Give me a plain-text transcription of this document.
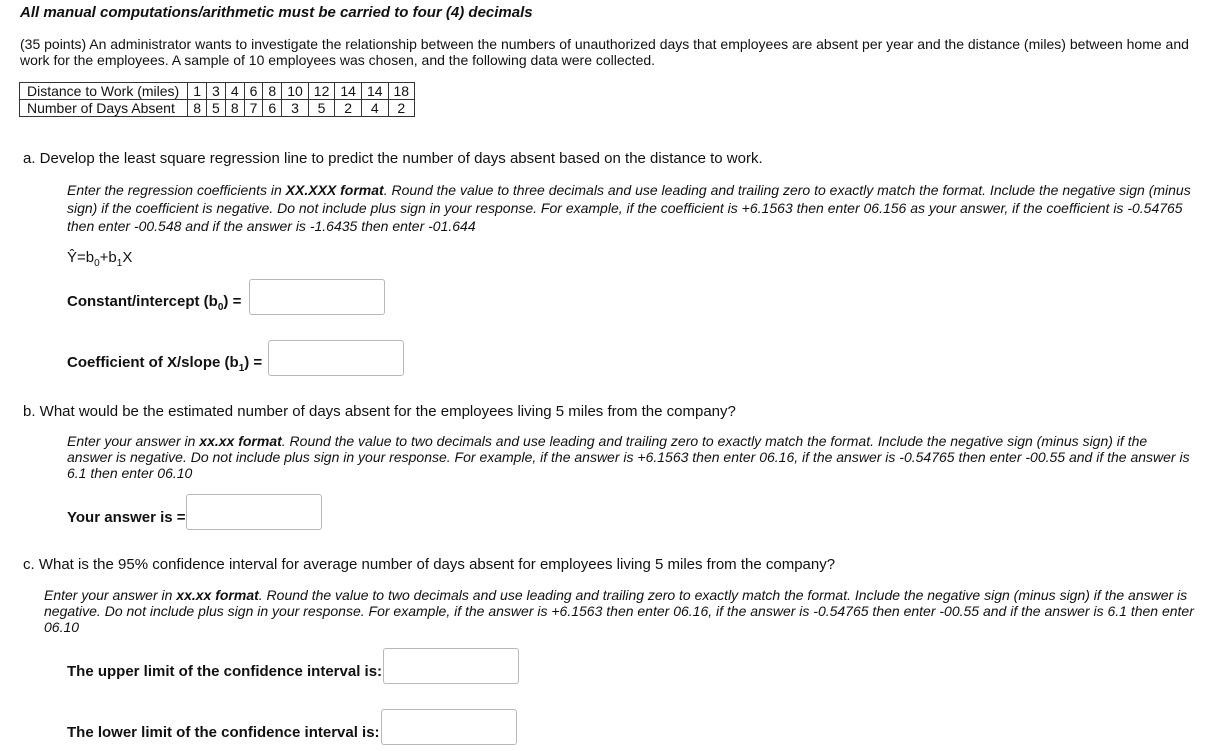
All manual computations/arithmetic must be carried to four (4) decimals
(35 points) An administrator wants to investigate the relationship between the numbers of unauthorized days that employees are absent per year and the distance (miles) between home and work for the employees. A sample of 10 employees was chosen, and the following data were collected.
Distance to Work (miles)	1	3	4	6	8	10	12	14	14	18
Number of Days Absent	8	5	8	7	6	3	5	2	4	2
a. Develop the least square regression line to predict the number of days absent based on the distance to work.
Enter the regression coefficients in XX.XXX format. Round the value to three decimals and use leading and trailing zero to exactly match the format. Include the negative sign (minus sign) if the coefficient is negative. Do not include plus sign in your response. For example, if the coefficient is +6.1563 then enter 06.156 as your answer, if the coefficient is -0.54765 then enter -00.548 and if the answer is -1.6435 then enter -01.644
$Ŷ=b_0+b_1X$
Constant/intercept $(b_0)$ =
Coefficient of X/slope $(b_1)$ =
b. What would be the estimated number of days absent for the employees living 5 miles from the company?
Enter your answer in xx.xx format. Round the value to two decimals and use leading and trailing zero to exactly match the format. Include the negative sign (minus sign) if the answer is negative. Do not include plus sign in your response. For example, if the answer is +6.1563 then enter 06.16, if the answer is -0.54765 then enter -00.55 and if the answer is 6.1 then enter 06.10
Your answer is =
c. What is the 95% confidence interval for average number of days absent for employees living 5 miles from the company?
Enter your answer in xx.xx format. Round the value to two decimals and use leading and trailing zero to exactly match the format. Include the negative sign (minus sign) if the answer is negative. Do not include plus sign in your response. For example, if the answer is +6.1563 then enter 06.16, if the answer is -0.54765 then enter -00.55 and if the answer is 6.1 then enter 06.10
The upper limit of the confidence interval is:
The lower limit of the confidence interval is:
